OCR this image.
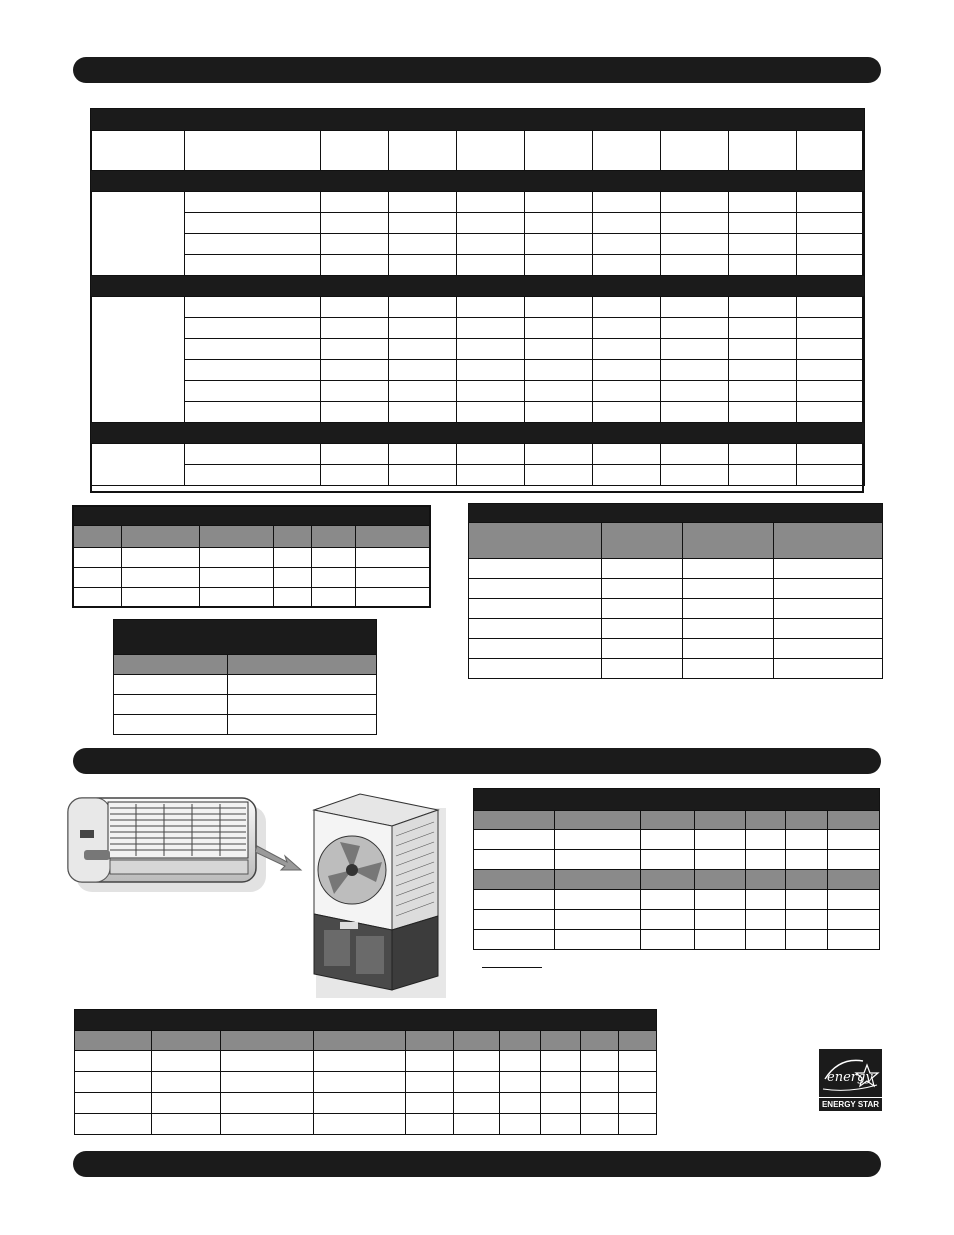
energy
ENERGY STAR
